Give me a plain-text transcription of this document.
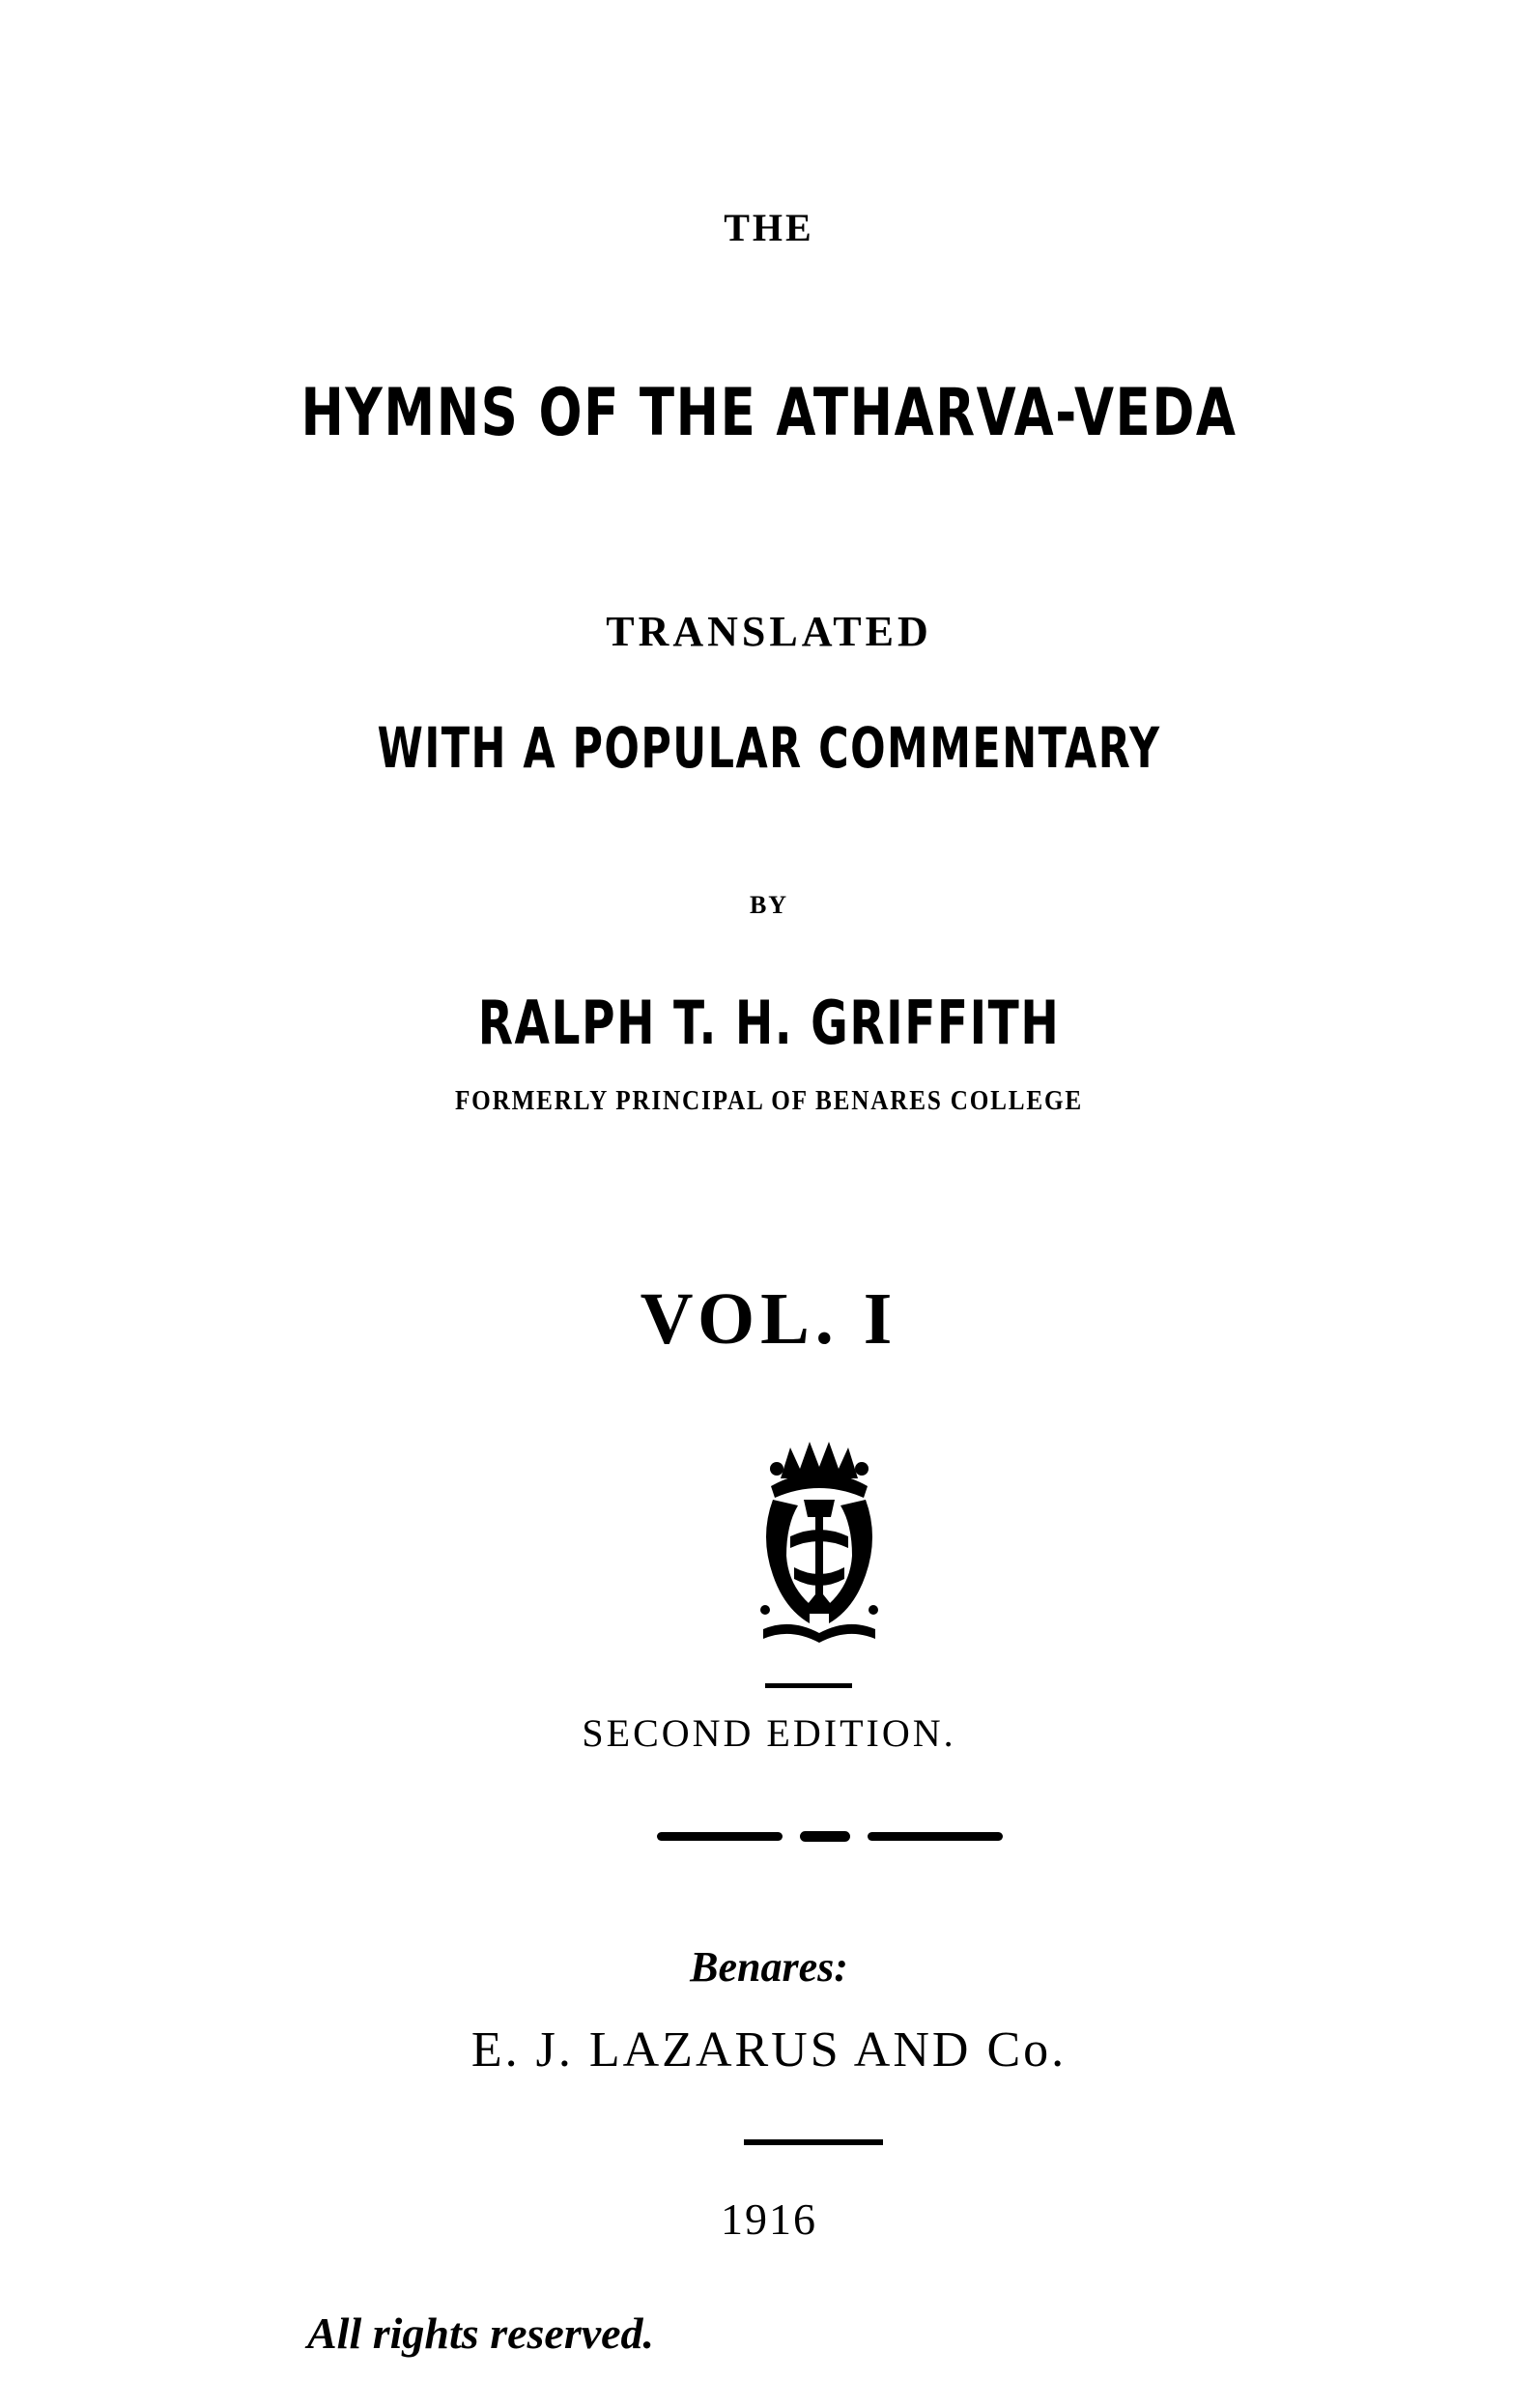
THE

HYMNS OF THE ATHARVA-VEDA

TRANSLATED

WITH A POPULAR COMMENTARY

BY

RALPH T. H. GRIFFITH

FORMERLY PRINCIPAL OF BENARES COLLEGE

VOL. I

SECOND EDITION.

Benares:

E. J. LAZARUS AND Co.

1916

All rights reserved.
